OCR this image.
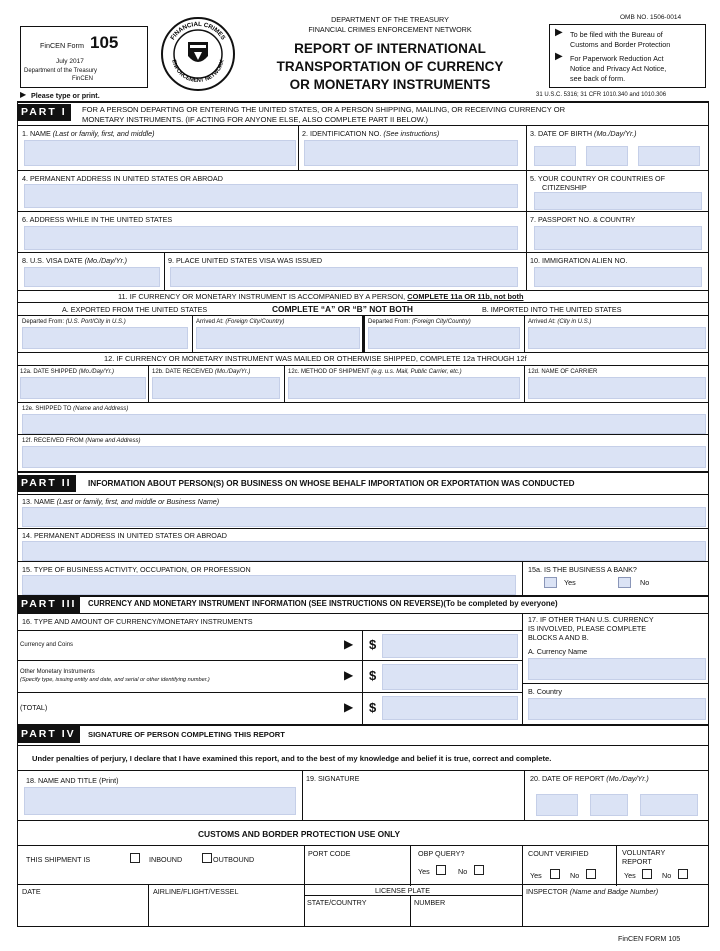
FinCEN Form 105
July 2017
Department of the Treasury
FinCEN
FINANCIAL CRIMES
ENFORCEMENT NETWORK
DEPARTMENT OF THE TREASURY
FINANCIAL CRIMES ENFORCEMENT NETWORK
REPORT OF INTERNATIONAL
TRANSPORTATION OF CURRENCY
OR MONETARY INSTRUMENTS
OMB NO. 1506-0014
▶ To be filed with the Bureau of
Customs and Border Protection
▶ For Paperwork Reduction Act
Notice and Privacy Act Notice,
see back of form.
31 U.S.C. 5316; 31 CFR 1010.340 and 1010.306
▶ Please type or print.
PART I	FOR A PERSON DEPARTING OR ENTERING THE UNITED STATES, OR A PERSON SHIPPING, MAILING, OR RECEIVING CURRENCY OR
MONETARY INSTRUMENTS. (IF ACTING FOR ANYONE ELSE, ALSO COMPLETE PART II BELOW.)
1. NAME (Last or family, first, and middle)	2. IDENTIFICATION NO. (See instructions)	3. DATE OF BIRTH (Mo./Day/Yr.)
4. PERMANENT ADDRESS IN UNITED STATES OR ABROAD	5. YOUR COUNTRY OR COUNTRIES OF
CITIZENSHIP
6. ADDRESS WHILE IN THE UNITED STATES	7. PASSPORT NO. & COUNTRY
8. U.S. VISA DATE (Mo./Day/Yr.)	9. PLACE UNITED STATES VISA WAS ISSUED	10. IMMIGRATION ALIEN NO.
11. IF CURRENCY OR MONETARY INSTRUMENT IS ACCOMPANIED BY A PERSON, COMPLETE 11a OR 11b, not both
A. EXPORTED FROM THE UNITED STATES	COMPLETE “A” OR “B” NOT BOTH	B. IMPORTED INTO THE UNITED STATES
Departed From: (U.S. Port/City in U.S.)	Arrived At: (Foreign City/Country)	Departed From: (Foreign City/Country)	Arrived At: (City in U.S.)
12. IF CURRENCY OR MONETARY INSTRUMENT WAS MAILED OR OTHERWISE SHIPPED, COMPLETE 12a THROUGH 12f
12a. DATE SHIPPED (Mo./Day/Yr.)	12b. DATE RECEIVED (Mo./Day/Yr.)	12c. METHOD OF SHIPMENT (e.g. u.s. Mail, Public Carrier, etc.)	12d. NAME OF CARRIER
12e. SHIPPED TO (Name and Address)
12f. RECEIVED FROM (Name and Address)
PART II	INFORMATION ABOUT PERSON(S) OR BUSINESS ON WHOSE BEHALF IMPORTATION OR EXPORTATION WAS CONDUCTED
13. NAME (Last or family, first, and middle or Business Name)
14. PERMANENT ADDRESS IN UNITED STATES OR ABROAD
15. TYPE OF BUSINESS ACTIVITY, OCCUPATION, OR PROFESSION	15a. IS THE BUSINESS A BANK?
Yes	No
PART III	CURRENCY AND MONETARY INSTRUMENT INFORMATION (SEE INSTRUCTIONS ON REVERSE)(To be completed by everyone)
16. TYPE AND AMOUNT OF CURRENCY/MONETARY INSTRUMENTS	17. IF OTHER THAN U.S. CURRENCY
IS INVOLVED, PLEASE COMPLETE
BLOCKS A AND B.
Currency and Coins	▶ $
Other Monetary Instruments
(Specify type, issuing entity and date, and serial or other identifying number.)	▶ $
(TOTAL)	▶ $
A. Currency Name
B. Country
PART IV	SIGNATURE OF PERSON COMPLETING THIS REPORT
Under penalties of perjury, I declare that I have examined this report, and to the best of my knowledge and belief it is true, correct and complete.
18. NAME AND TITLE (Print)	19. SIGNATURE	20. DATE OF REPORT (Mo./Day/Yr.)
CUSTOMS AND BORDER PROTECTION USE ONLY
THIS SHIPMENT IS	INBOUND	OUTBOUND
PORT CODE	OBP QUERY?
Yes	No
COUNT VERIFIED
Yes	No
VOLUNTARY
REPORT
Yes	No
DATE	AIRLINE/FLIGHT/VESSEL	LICENSE PLATE
STATE/COUNTRY	NUMBER
INSPECTOR (Name and Badge Number)
FinCEN FORM 105
